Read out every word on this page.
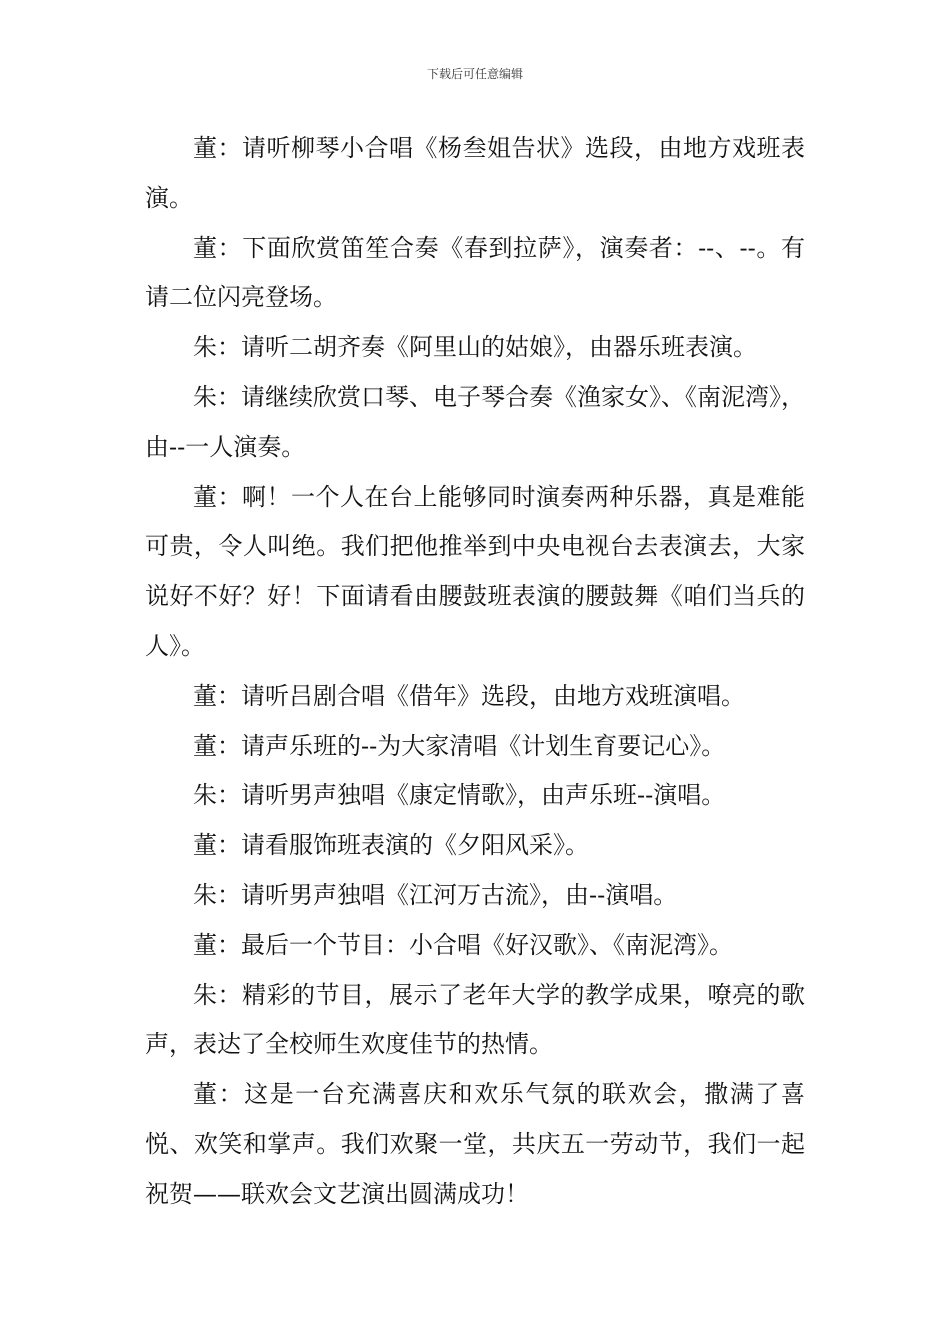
下载后可任意编辑

董：请听柳琴小合唱《杨叁姐告状》选段，由地方戏班表演。

董：下面欣赏笛笙合奏《春到拉萨》，演奏者：--、--。有请二位闪亮登场。

朱：请听二胡齐奏《阿里山的姑娘》，由器乐班表演。

朱：请继续欣赏口琴、电子琴合奏《渔家女》、《南泥湾》，由--一人演奏。

董：啊！一个人在台上能够同时演奏两种乐器，真是难能可贵，令人叫绝。我们把他推举到中央电视台去表演去，大家说好不好？好！下面请看由腰鼓班表演的腰鼓舞《咱们当兵的人》。

董：请听吕剧合唱《借年》选段，由地方戏班演唱。

董：请声乐班的--为大家清唱《计划生育要记心》。

朱：请听男声独唱《康定情歌》，由声乐班--演唱。

董：请看服饰班表演的《夕阳风采》。

朱：请听男声独唱《江河万古流》，由--演唱。

董：最后一个节目：小合唱《好汉歌》、《南泥湾》。

朱：精彩的节目，展示了老年大学的教学成果，嘹亮的歌声，表达了全校师生欢度佳节的热情。

董：这是一台充满喜庆和欢乐气氛的联欢会，撒满了喜悦、欢笑和掌声。我们欢聚一堂，共庆五一劳动节，我们一起祝贺——联欢会文艺演出圆满成功！
